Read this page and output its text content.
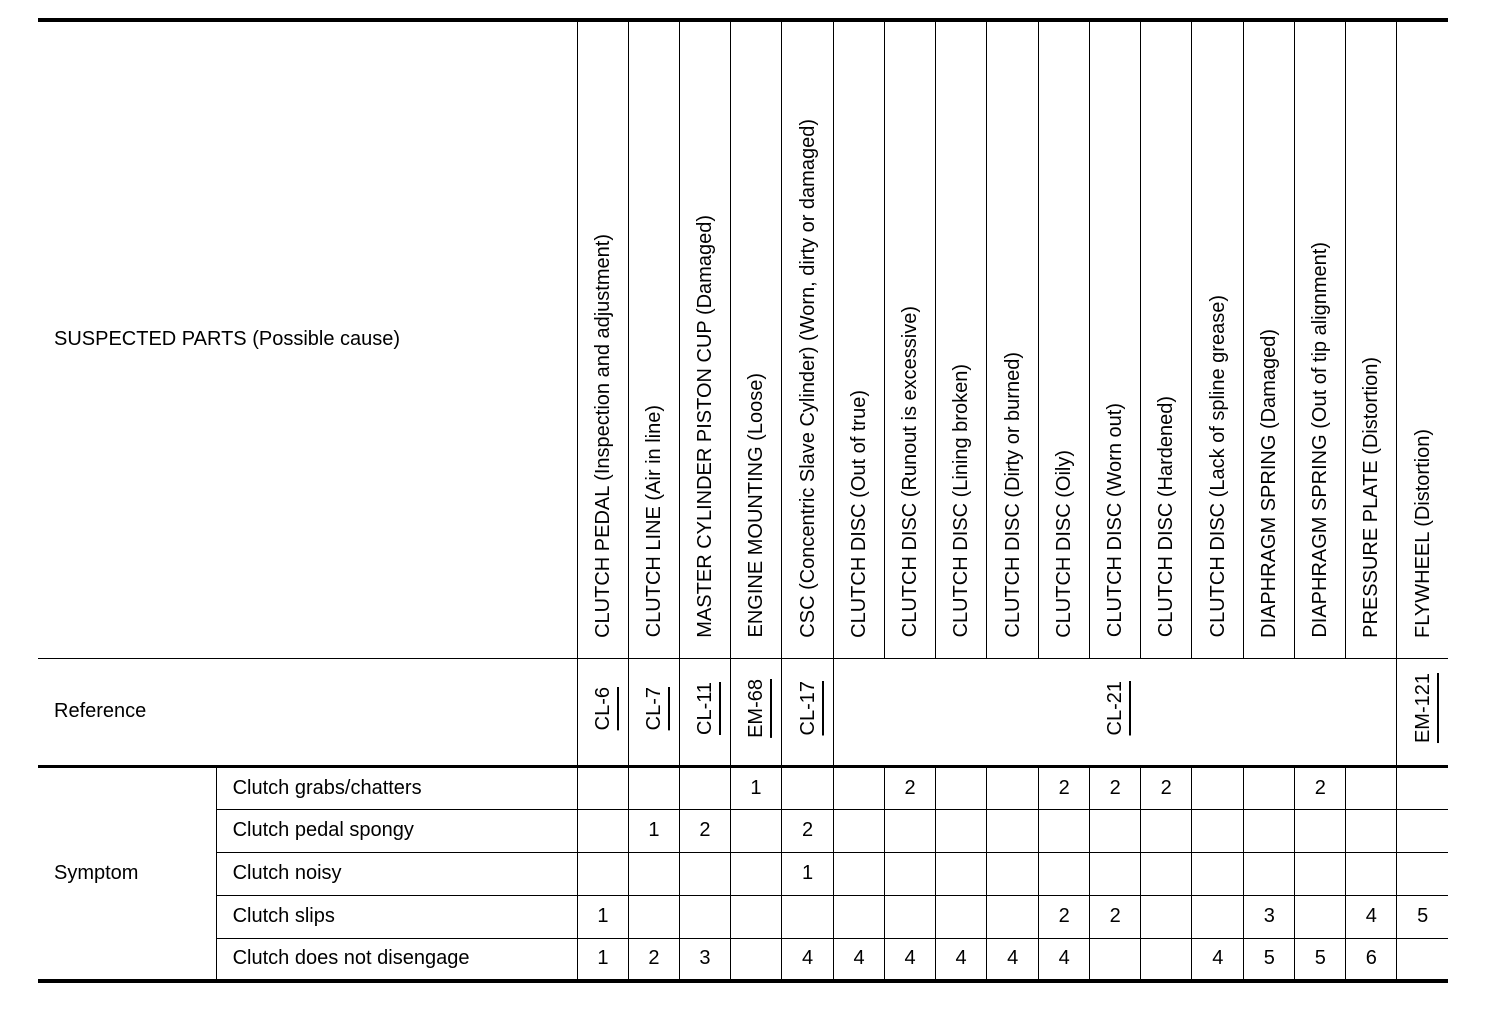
SUSPECTED PARTS (Possible cause)		CLUTCH PEDAL (Inspection and adjustment)	CLUTCH LINE (Air in line)	MASTER CYLINDER PISTON CUP (Damaged)	ENGINE MOUNTING (Loose)	CSC (Concentric Slave Cylinder) (Worn, dirty or damaged)	CLUTCH DISC (Out of true)	CLUTCH DISC (Runout is excessive)	CLUTCH DISC (Lining broken)	CLUTCH DISC (Dirty or burned)	CLUTCH DISC (Oily)	CLUTCH DISC (Worn out)	CLUTCH DISC (Hardened)	CLUTCH DISC (Lack of spline grease)	DIAPHRAGM SPRING (Damaged)	DIAPHRAGM SPRING (Out of tip alignment)	PRESSURE PLATE (Distortion)	FLYWHEEL (Distortion)
Reference		CL-6	CL-7	CL-11	EM-68	CL-17	CL-21											EM-121
Symptom	Clutch grabs/chatters				1			2			2	2	2			2		
	Clutch pedal spongy		1	2		2												
	Clutch noisy					1												
	Clutch slips	1									2	2			3		4	5
	Clutch does not disengage	1	2	3		4	4	4	4	4	4			4	5	5	6	
